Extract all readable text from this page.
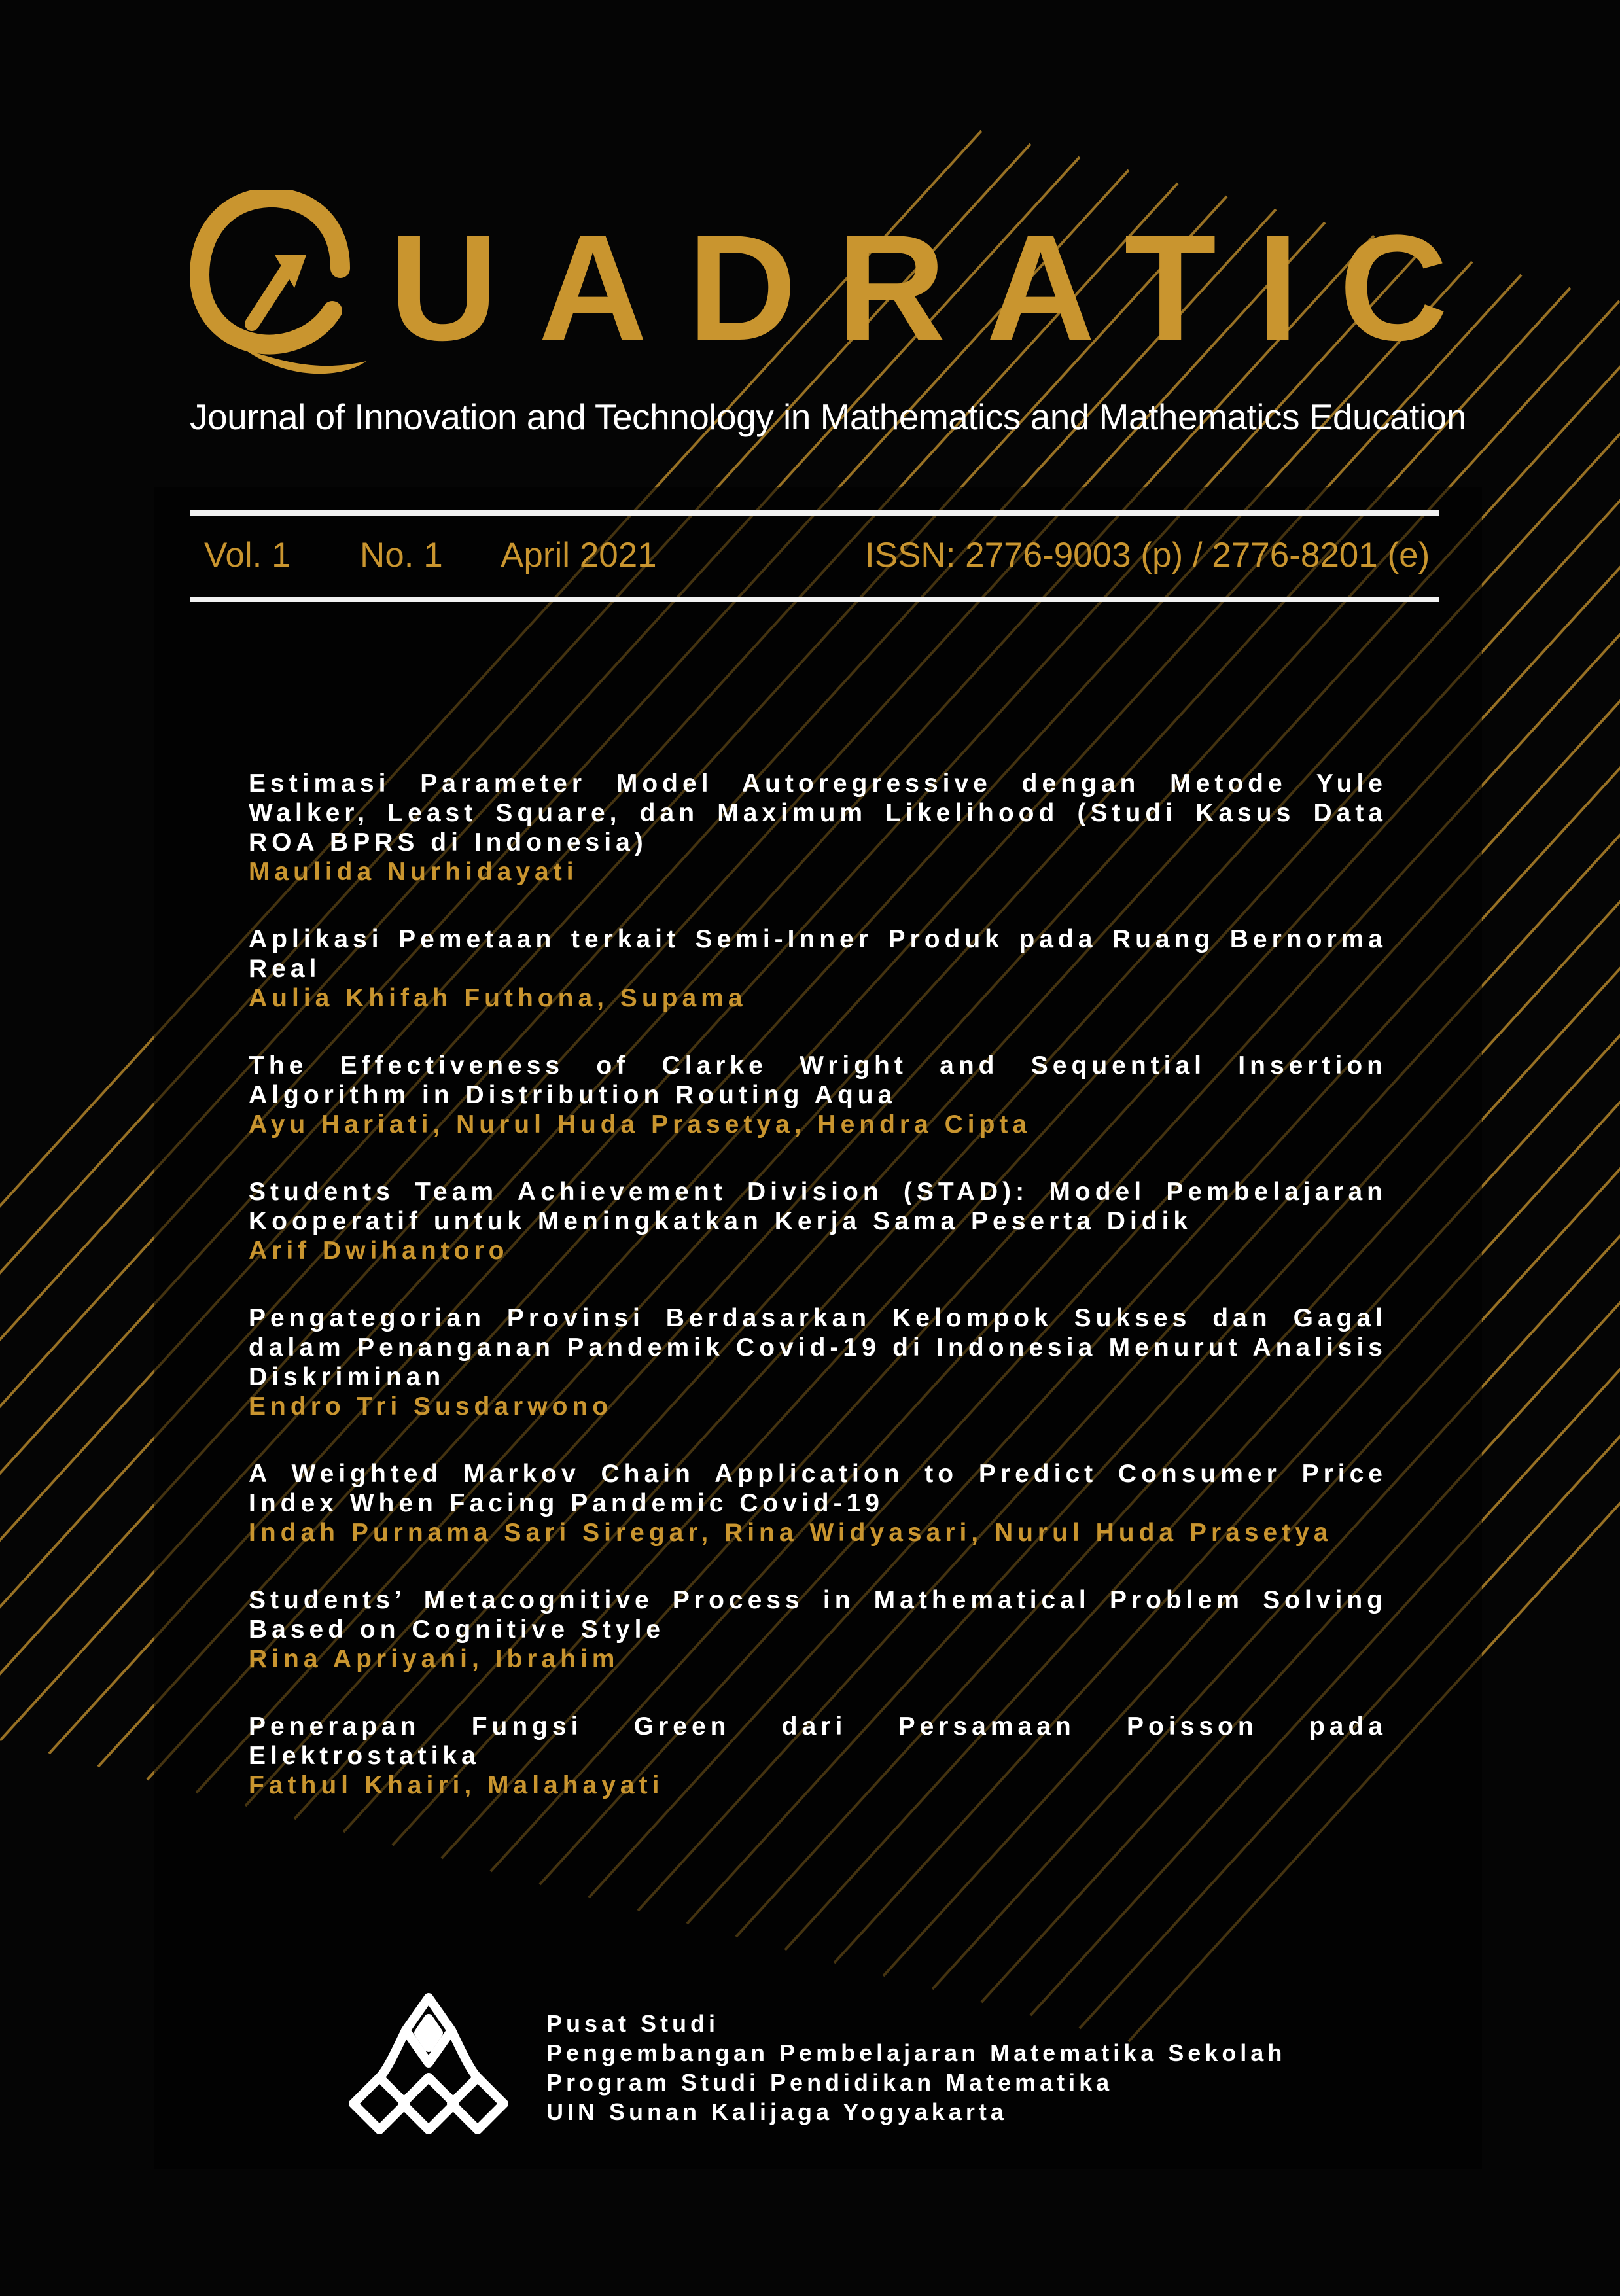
UADRATIC
Journal of Innovation and Technology in Mathematics and Mathematics Education
Vol. 1 No. 1 April 2021	ISSN: 2776-9003 (p) / 2776-8201 (e)
Estimasi Parameter Model Autoregressive dengan Metode Yule Walker, Least Square, dan Maximum Likelihood (Studi Kasus Data ROA BPRS di Indonesia)
Maulida Nurhidayati
Aplikasi Pemetaan terkait Semi-Inner Produk pada Ruang Bernorma Real
Aulia Khifah Futhona, Supama
The Effectiveness of Clarke Wright and Sequential Insertion Algorithm in Distribution Routing Aqua
Ayu Hariati, Nurul Huda Prasetya, Hendra Cipta
Students Team Achievement Division (STAD): Model Pembelajaran Kooperatif untuk Meningkatkan Kerja Sama Peserta Didik
Arif Dwihantoro
Pengategorian Provinsi Berdasarkan Kelompok Sukses dan Gagal dalam Penanganan Pandemik Covid-19 di Indonesia Menurut Analisis Diskriminan
Endro Tri Susdarwono
A Weighted Markov Chain Application to Predict Consumer Price Index When Facing Pandemic Covid-19
Indah Purnama Sari Siregar, Rina Widyasari, Nurul Huda Prasetya
Students’ Metacognitive Process in Mathematical Problem Solving Based on Cognitive Style
Rina Apriyani, Ibrahim
Penerapan Fungsi Green dari Persamaan Poisson pada Elektrostatika
Fathul Khairi, Malahayati
Pusat Studi
Pengembangan Pembelajaran Matematika Sekolah
Program Studi Pendidikan Matematika
UIN Sunan Kalijaga Yogyakarta
